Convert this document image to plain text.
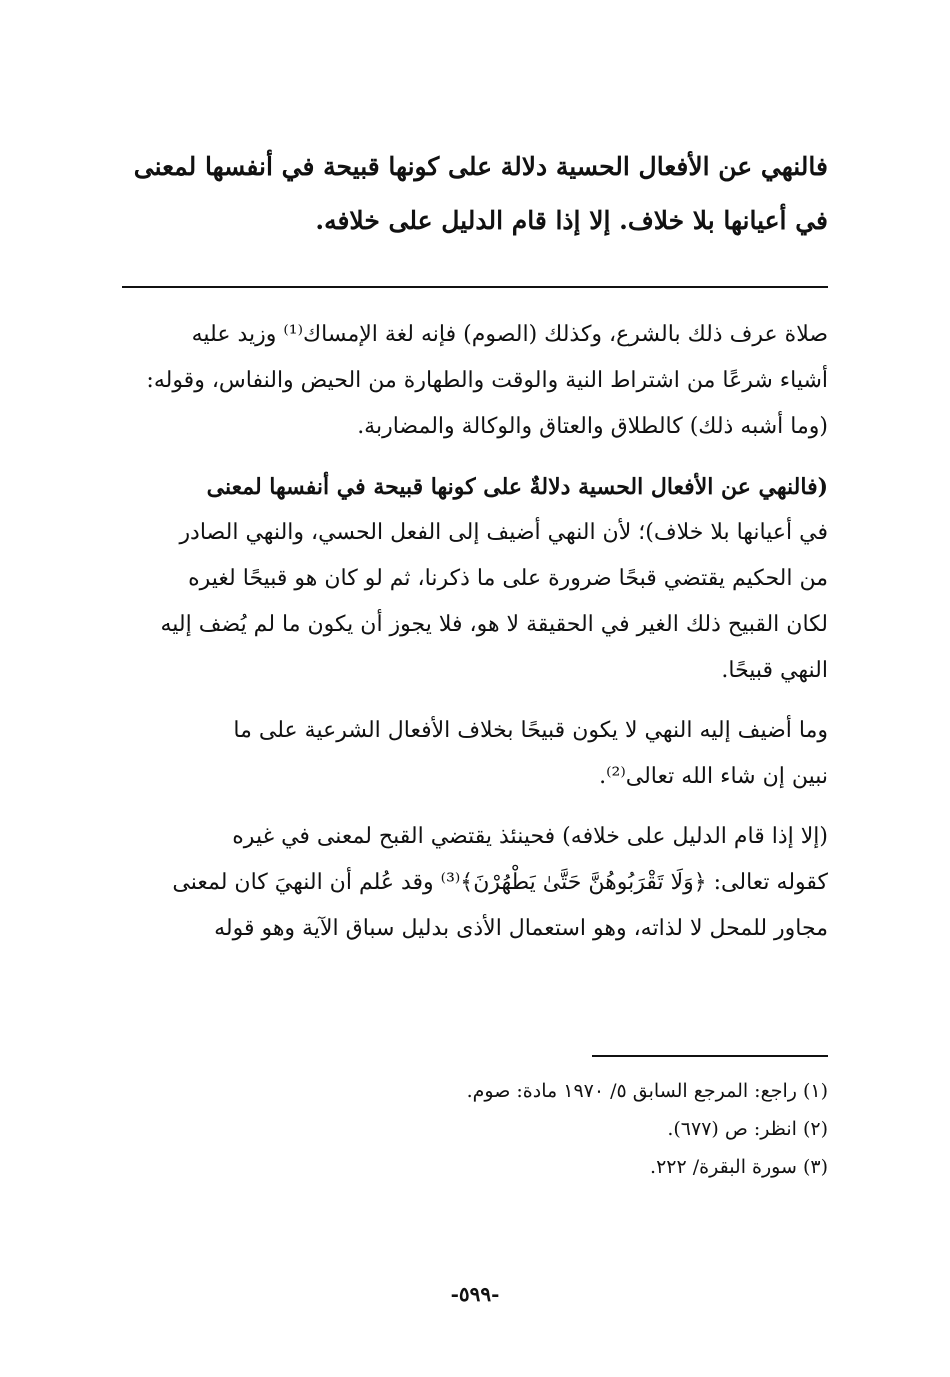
فالنهي عن الأفعال الحسية دلالة على كونها قبيحة في أنفسها لمعنى
في أعيانها بلا خلاف. إلا إذا قام الدليل على خلافه.
صلاة عرف ذلك بالشرع، وكذلك (الصوم) فإنه لغة الإمساك⁽¹⁾ وزيد عليه
أشياء شرعًا من اشتراط النية والوقت والطهارة من الحيض والنفاس، وقوله:
(وما أشبه ذلك) كالطلاق والعتاق والوكالة والمضاربة.
(فالنهي عن الأفعال الحسية دلالةٌ على كونها قبيحة في أنفسها لمعنى
في أعيانها بلا خلاف)؛ لأن النهي أضيف إلى الفعل الحسي، والنهي الصادر
من الحكيم يقتضي قبحًا ضرورة على ما ذكرنا، ثم لو كان هو قبيحًا لغيره
لكان القبيح ذلك الغير في الحقيقة لا هو، فلا يجوز أن يكون ما لم يُضف إليه
النهي قبيحًا.
وما أضيف إليه النهي لا يكون قبيحًا بخلاف الأفعال الشرعية على ما
نبين إن شاء الله تعالى⁽²⁾.
(إلا إذا قام الدليل على خلافه) فحينئذ يقتضي القبح لمعنى في غيره
كقوله تعالى: ﴿وَلَا تَقْرَبُوهُنَّ حَتَّىٰ يَطْهُرْنَ﴾⁽³⁾ وقد عُلم أن النهيَ كان لمعنى
مجاور للمحل لا لذاته، وهو استعمال الأذى بدليل سباق الآية وهو قوله
(١) راجع: المرجع السابق ٥/ ١٩٧٠ مادة: صوم.
(٢) انظر: ص (٦٧٧).
(٣) سورة البقرة/ ٢٢٢.
-٥٩٩-
